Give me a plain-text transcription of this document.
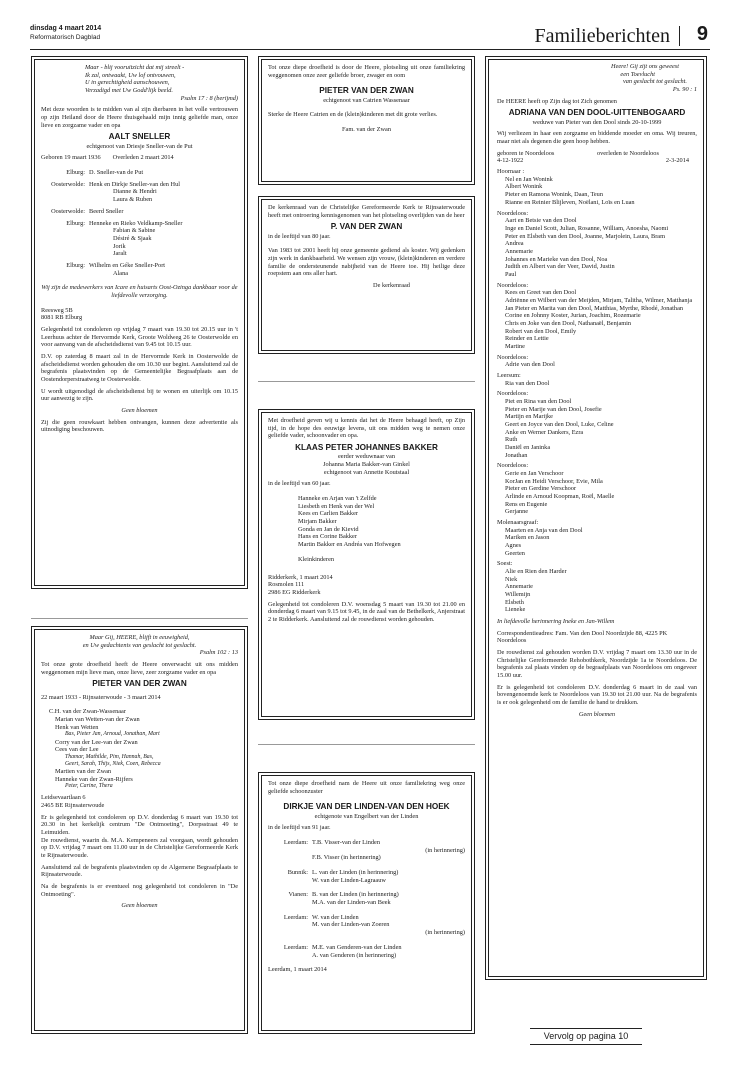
dinsdag 4 maart 2014
Reformatorisch Dagblad	Familieberichten 9
Maar - blij vooruitzicht dat mij streelt -
Ik zal, ontwaakt, Uw lof ontvouwen,
U in gerechtigheid aanschouwen,
Verzadigd met Uw Godd'lijk beeld.
Psalm 17 : 8 (berijmd)
Met deze woorden is te midden van al zijn dierbaren in het volle vertrouwen op zijn Heiland door de Heere thuisgehaald mijn innig geliefde man, onze lieve en zorgzame vader en opa
AALT SNELLER
echtgenoot van Driesje Sneller-van de Put
Geboren 19 maart 1936 Overleden 2 maart 2014
Elburg: D. Sneller-van de Put
Oosterwolde: Henk en Dirkje Sneller-van den Hul
Dianne & Hendri
Laura & Ruben
Oosterwolde: Beerd Sneller
Elburg: Henneke en Rieko Veldkamp-Sneller
Fabian & Sabine
Désiré & Sjaak
Jorik
Jaralt
Elburg: Wilhelm en Géke Sneller-Port
Alana
Wij zijn de medewerkers van Icare en huisarts Oost-Ozinga dankbaar voor de liefdevolle verzorging.
Reesweg 5B
8081 RB Elburg
Gelegenheid tot condoleren op vrijdag 7 maart van 19.30 tot 20.15 uur in 't Leerhuus achter de Hervormde Kerk, Groote Woldweg 26 te Oosterwolde en voor aanvang van de afscheidsdienst van 9.45 tot 10.15 uur.
D.V. op zaterdag 8 maart zal in de Hervormde Kerk in Oosterwolde de afscheidsdienst worden gehouden die om 10.30 uur begint. Aansluitend zal de begrafenis plaatsvinden op de Gemeentelijke Begraafplaats aan de Oostendorperstraatweg te Oosterwolde.
U wordt uitgenodigd de afscheidsdienst bij te wonen en uiterlijk om 10.15 uur aanwezig te zijn.
Geen bloemen
Zij die geen rouwkaart hebben ontvangen, kunnen deze advertentie als uitnodiging beschouwen.
Tot onze diepe droefheid is door de Heere, plotseling uit onze familiekring weggenomen onze zeer geliefde broer, zwager en oom
PIETER VAN DER ZWAN
echtgenoot van Catrien Wassenaar
Sterke de Heere Catrien en de (klein)kinderen met dit grote verlies.
Fam. van der Zwan
De kerkenraad van de Christelijke Gereformeerde Kerk te Rijnsaterwoude heeft met ontroering kennisgenomen van het plotseling overlijden van de heer
P. VAN DER ZWAN
in de leeftijd van 80 jaar.
Van 1983 tot 2001 heeft hij onze gemeente gediend als koster. Wij gedenken zijn werk in dankbaarheid. We wensen zijn vrouw, (klein)kinderen en verdere familie de ondersteunende nabijheid van de Heere toe. Hij heilige deze roepstem aan ons aller hart.
De kerkenraad
Met droefheid geven wij u kennis dat het de Heere behaagd heeft, op Zijn tijd, in de hope des eeuwige levens, uit ons midden weg te nemen onze geliefde vader, schoonvader en opa.
KLAAS PETER JOHANNES BAKKER
eerder weduwnaar van
Johanna Maria Bakker-van Ginkel
echtgenoot van Annette Koutstaal
in de leeftijd van 60 jaar.
Hanneke en Arjan van 't Zelfde
Liesbeth en Henk van der Wel
Kees en Carlien Bakker
Mirjam Bakker
Gonda en Jan de Kievid
Hans en Corine Bakker
Martin Bakker en Andréa van Hofwegen
Kleinkinderen
Ridderkerk, 1 maart 2014
Rosmolen 111
2986 EG Ridderkerk
Gelegenheid tot condoleren D.V. woensdag 5 maart van 19.30 tot 21.00 en donderdag 6 maart van 9.15 tot 9.45, in de zaal van de Bethelkerk, Anjerstraat 2 te Ridderkerk. Aansluitend zal de rouwdienst worden gehouden.
Tot onze diepe droefheid nam de Heere uit onze familiekring weg onze geliefde schoonzuster
DIRKJE VAN DER LINDEN-VAN DEN HOEK
echtgenote van Engelbert van der Linden
in de leeftijd van 91 jaar.
Leerdam: T.B. Visser-van der Linden
(in herinnering)
F.B. Visser (in herinnering)
Bunnik: L. van der Linden (in herinnering)
W. van der Linden-Lagraauw
Vianen: B. van der Linden (in herinnering)
M.A. van der Linden-van Beek
Leerdam: W. van der Linden
M. van der Linden-van Zoeren
(in herinnering)
Leerdam: M.E. van Genderen-van der Linden
A. van Genderen (in herinnering)
Leerdam, 1 maart 2014
Maar Gij, HEERE, blijft in eeuwigheid,
en Uw gedachtenis van geslacht tot geslacht.
Psalm 102 : 13
Tot onze grote droefheid heeft de Heere onverwacht uit ons midden weggenomen mijn lieve man, onze lieve, zeer zorgzame vader en opa
PIETER VAN DER ZWAN
22 maart 1933 - Rijnsaterwoude - 3 maart 2014
C.H. van der Zwan-Wassenaar
Marian van Wetten-van der Zwan
Henk van Wetten
Bas, Pieter Jan, Arnoud, Jonathan, Mart
Corry van der Lee-van der Zwan
Cees van der Lee
Thamar, Mathilde, Pim, Hannah, Bas,
Geert, Sarah, Thijs, Niek, Coen, Rebecca
Martien van der Zwan
Hanneke van der Zwan-Rijfers
Peter, Carine, Thera
Leidsevaartlaan 6
2465 BE Rijnsaterwoude
Er is gelegenheid tot condoleren op D.V. donderdag 6 maart van 19.30 tot 20.30 in het kerkelijk centrum "De Ontmoeting", Dorpsstraat 49 te Leimuiden.
De rouwdienst, waarin ds. M.A. Kempeneers zal voorgaan, wordt gehouden op D.V. vrijdag 7 maart om 11.00 uur in de Christelijke Gereformeerde Kerk te Rijnsaterwoude.
Aansluitend zal de begrafenis plaatsvinden op de Algemene Begraafplaats te Rijnsaterwoude.
Na de begrafenis is er eventueel nog gelegenheid tot condoleren in "De Ontmoeting".
Geen bloemen
Heere! Gij zijt ons geweest
een Toevlucht
van geslacht tot geslacht.
Ps. 90 : 1
De HEERE heeft op Zijn dag tot Zich genomen
ADRIANA VAN DEN DOOL-UITTENBOGAARD
weduwe van Pieter van den Dool sinds 20-10-1999
Wij verliezen in haar een zorgzame en biddende moeder en oma. Wij treuren, maar niet als degenen die geen hoop hebben.
geboren te Noordeloos
4-12-1922
overleden te Noordeloos
2-3-2014
Hoornaar :
Nel en Jan Wonink
Albert Wonink
Pieter en Ramona Wonink, Daan, Teun
Rianne en Reinier Blijleven, Noëlani, Loïs en Luan
Noordeloos:
Aart en Betsie van den Dool
Inge en Daniel Scott, Julian, Rosanne, William, Anoesha, Naomi
Peter en Elsbeth van den Dool, Joanne, Marjolein, Laura, Bram
Andrea
Annemarie
Johannes en Marieke van den Dool, Noa
Judith en Albert van der Veer, David, Justin
Paul
Noordeloos:
Kees en Greet van den Dool
Adriënne en Wilbert van der Meijden, Mirjam, Talitha, Wilmer, Matthanja
Jan Pieter en Marita van den Dool, Matthias, Myrthe, Rhodé, Jonathan
Corine en Johnny Koster, Jurian, Joachim, Rozemarie
Chris en Joke van den Dool, Nathanaël, Benjamin
Robert van den Dool, Emily
Reinder en Lettie
Martine
Noordeloos:
Adrie van den Dool
Leersum:
Ria van den Dool
Noordeloos:
Piet en Rina van den Dool
Pieter en Marije van den Dool, Josefie
Martijn en Marijke
Geert en Joyce van den Dool, Luke, Celine
Anke en Werner Dankers, Ezra
Ruth
Daniël en Janinka
Jonathan
Noordeloos:
Gerie en Jan Verschoor
KorJan en Heidi Verschoor, Evie, Mila
Pieter en Gerdine Verschoor
Arlinde en Arnoud Koopman, Roël, Maelle
Rens en Eugenie
Gerjanne
Molenaarsgraaf:
Maarten en Anja van den Dool
Mariken en Jason
Agnes
Geerten
Soest:
Alie en Rien den Harder
Niek
Annemarie
Willemijn
Elsbeth
Lieneke
In liefdevolle herinnering Ineke en Jan-Willem
Correspondentieadres: Fam. Van den Dool Noordzijde 88, 4225 PK Noordeloos
De rouwdienst zal gehouden worden D.V. vrijdag 7 maart om 13.30 uur in de Christelijke Gereformeerde Rehobothkerk, Noordzijde 1a te Noordeloos. De begrafenis zal plaats vinden op de begraafplaats van Noordeloos om ongeveer 15.00 uur.
Er is gelegenheid tot condoleren D.V. donderdag 6 maart in de zaal van bovengenoemde kerk te Noordeloos van 19.30 tot 21.00 uur. Na de begrafenis is er ook gelegenheid om de familie de hand te drukken.
Geen bloemen
Vervolg op pagina 10
